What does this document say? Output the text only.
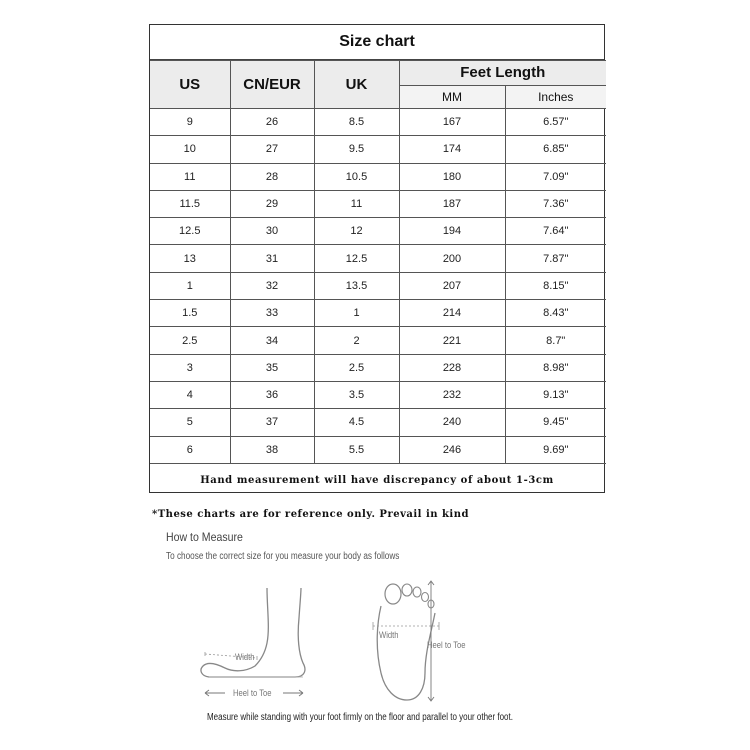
Size chart
US	CN/EUR	UK	Feet Length	
			MM	Inches
9	26	8.5	167	6.57"
10	27	9.5	174	6.85"
11	28	10.5	180	7.09"
11.5	29	11	187	7.36"
12.5	30	12	194	7.64"
13	31	12.5	200	7.87"
1	32	13.5	207	8.15"
1.5	33	1	214	8.43"
2.5	34	2	221	8.7"
3	35	2.5	228	8.98"
4	36	3.5	232	9.13"
5	37	4.5	240	9.45"
6	38	5.5	246	9.69"
Hand measurement will have discrepancy of about 1-3cm
*These charts are for reference only. Prevail in kind
How to Measure
To choose the correct size for you measure your body as follows
Width
Heel to Toe
Width
Heel to Toe
Measure while standing with your foot firmly on the floor and parallel to your other foot.
